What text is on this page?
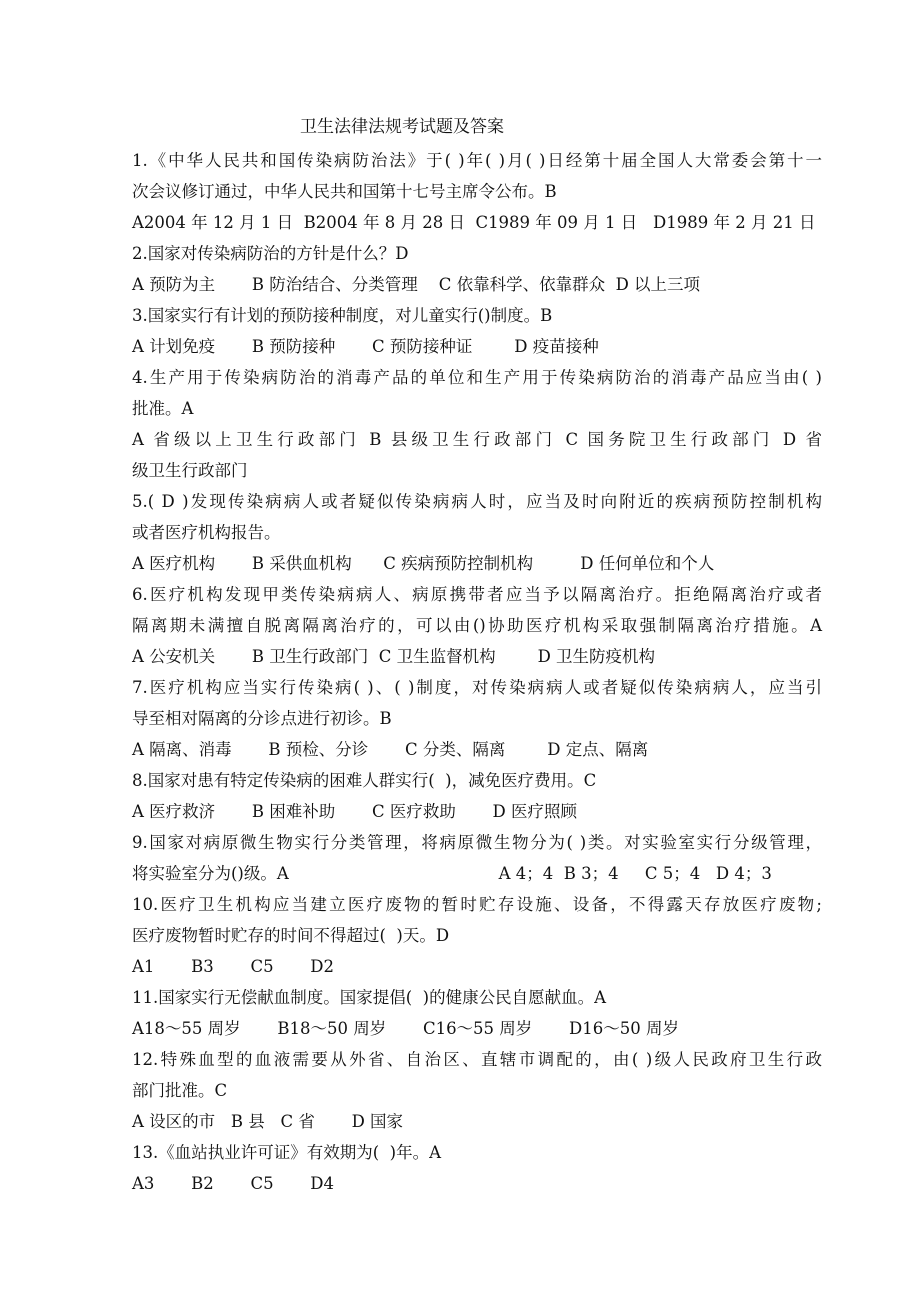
卫生法律法规考试题及答案
1.《中华人民共和国传染病防治法》于( )年( )月( )日经第十届全国人大常委会第十一
次会议修订通过，中华人民共和国第十七号主席令公布。B
A2004 年 12 月 1 日  B2004 年 8 月 28 日  C1989 年 09 月 1 日   D1989 年 2 月 21 日
2.国家对传染病防治的方针是什么？D
A 预防为主       B 防治结合、分类管理    C 依靠科学、依靠群众  D 以上三项
3.国家实行有计划的预防接种制度，对儿童实行()制度。B
A 计划免疫       B 预防接种       C 预防接种证        D 疫苗接种
4.生产用于传染病防治的消毒产品的单位和生产用于传染病防治的消毒产品应当由( )
批准。A
A 省级以上卫生行政部门 B 县级卫生行政部门 C 国务院卫生行政部门 D 省
级卫生行政部门
5.( D )发现传染病病人或者疑似传染病病人时，应当及时向附近的疾病预防控制机构
或者医疗机构报告。
A 医疗机构       B 采供血机构      C 疾病预防控制机构         D 任何单位和个人
6.医疗机构发现甲类传染病病人、病原携带者应当予以隔离治疗。拒绝隔离治疗或者
隔离期未满擅自脱离隔离治疗的，可以由()协助医疗机构采取强制隔离治疗措施。A
A 公安机关       B 卫生行政部门  C 卫生监督机构        D 卫生防疫机构
7.医疗机构应当实行传染病( )、( )制度，对传染病病人或者疑似传染病病人，应当引
导至相对隔离的分诊点进行初诊。B
A 隔离、消毒       B 预检、分诊       C 分类、隔离        D 定点、隔离
8.国家对患有特定传染病的困难人群实行(  )，减免医疗费用。C
A 医疗救济       B 困难补助       C 医疗救助       D 医疗照顾
9.国家对病原微生物实行分类管理，将病原微生物分为( )类。对实验室实行分级管理，
将实验室分为()级。A                                        A 4；4  B 3；4     C 5；4   D 4；3
10.医疗卫生机构应当建立医疗废物的暂时贮存设施、设备，不得露天存放医疗废物;
医疗废物暂时贮存的时间不得超过(  )天。D
A1       B3       C5       D2
11.国家实行无偿献血制度。国家提倡(  )的健康公民自愿献血。A
A18～55 周岁       B18～50 周岁       C16～55 周岁       D16～50 周岁
12.特殊血型的血液需要从外省、自治区、直辖市调配的，由( )级人民政府卫生行政
部门批准。C
A 设区的市   B 县   C 省       D 国家
13.《血站执业许可证》有效期为(  )年。A
A3       B2       C5       D4
